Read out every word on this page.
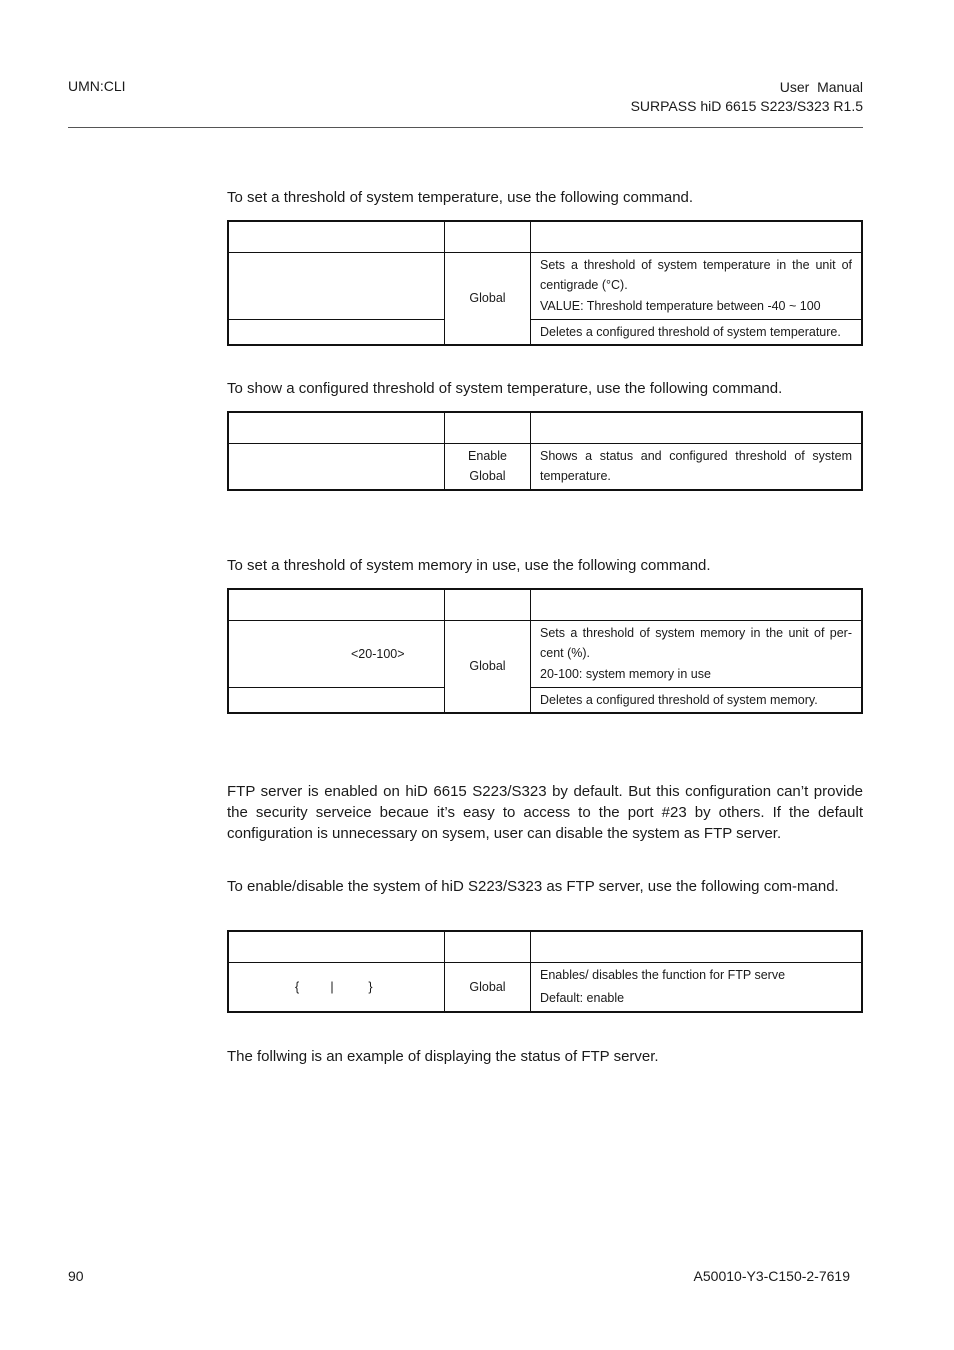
UMN:CLI	User  Manual
SURPASS hiD 6615 S223/S323 R1.5
To set a threshold of system temperature, use the following command.

	Global	Sets a threshold of system temperature in the unit of centigrade (°C).
VALUE: Threshold temperature between -40 ~ 100

		Deletes a configured threshold of system temperature.
To show a configured threshold of system temperature, use the following command.

	Enable
Global	Shows a status and configured threshold of system temperature.
To set a threshold of system memory in use, use the following command.

<20-100>	Global	Sets a threshold of system memory in the unit of per-cent (%).
20-100: system memory in use

		Deletes a configured threshold of system memory.
FTP server is enabled on hiD 6615 S223/S323 by default. But this configuration can’t provide the security serveice becaue it’s easy to access to the port #23 by others. If the default configuration is unnecessary on sysem, user can disable the system as FTP server.
To enable/disable the system of hiD S223/S323 as FTP server, use the following com-mand.

{         |          }	Global	Enables/ disables the function for FTP serve
Default: enable
The follwing is an example of displaying the status of FTP server.
90	A50010-Y3-C150-2-7619
